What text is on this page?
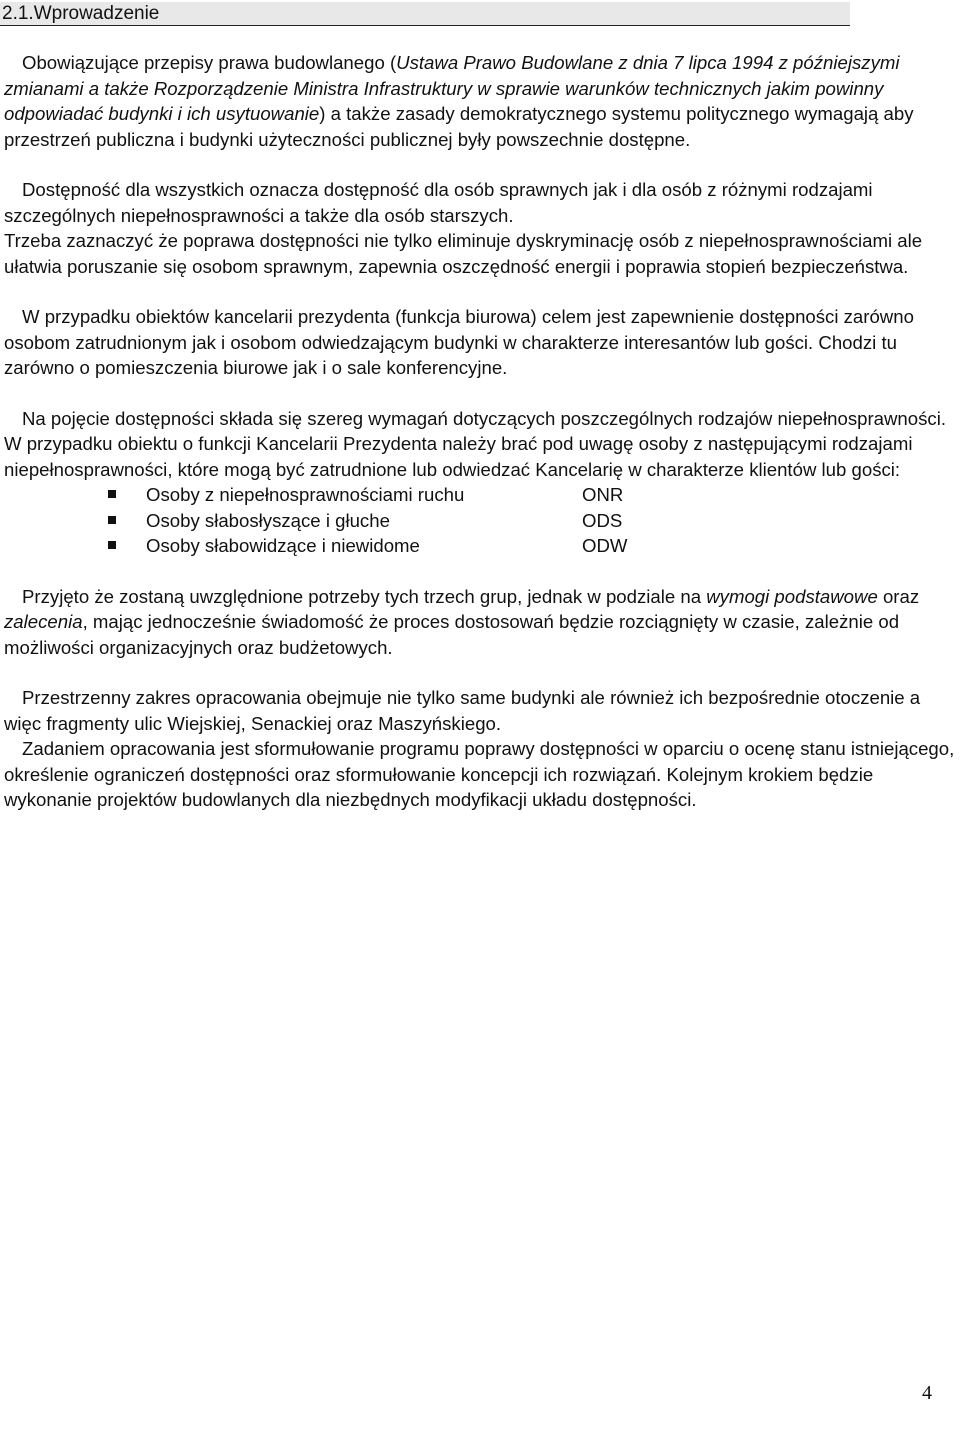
2.1.Wprowadzenie

Obowiązujące przepisy prawa budowlanego (Ustawa Prawo Budowlane z dnia 7 lipca 1994 z późniejszymi zmianami a także Rozporządzenie Ministra Infrastruktury w sprawie warunków technicznych jakim powinny odpowiadać budynki i ich usytuowanie) a także zasady demokratycznego systemu politycznego wymagają aby przestrzeń publiczna i budynki użyteczności publicznej były powszechnie dostępne.

Dostępność dla wszystkich oznacza dostępność dla osób sprawnych jak i dla osób z różnymi rodzajami szczególnych niepełnosprawności a także dla osób starszych.

Trzeba zaznaczyć że poprawa dostępności nie tylko eliminuje dyskryminację osób z niepełnosprawnościami ale ułatwia poruszanie się osobom sprawnym, zapewnia oszczędność energii i poprawia stopień bezpieczeństwa.

W przypadku obiektów kancelarii prezydenta (funkcja biurowa) celem jest zapewnienie dostępności zarówno osobom zatrudnionym jak i osobom odwiedzającym budynki w charakterze interesantów lub gości. Chodzi tu zarówno o pomieszczenia biurowe jak i o sale konferencyjne.

Na pojęcie dostępności składa się szereg wymagań dotyczących poszczególnych rodzajów niepełnosprawności. W przypadku obiektu o funkcji Kancelarii Prezydenta należy brać pod uwagę osoby z następującymi rodzajami niepełnosprawności, które mogą być zatrudnione lub odwiedzać Kancelarię w charakterze klientów lub gości:

Osoby z niepełnosprawnościami ruchu	ONR
Osoby słabosłyszące i głuche	ODS
Osoby słabowidzące i niewidome	ODW

Przyjęto że zostaną uwzględnione potrzeby tych trzech grup, jednak w podziale na wymogi podstawowe oraz zalecenia, mając jednocześnie świadomość że proces dostosowań będzie rozciągnięty w czasie, zależnie od możliwości organizacyjnych oraz budżetowych.

Przestrzenny zakres opracowania obejmuje nie tylko same budynki ale również ich bezpośrednie otoczenie a więc fragmenty ulic Wiejskiej, Senackiej oraz Maszyńskiego.

Zadaniem opracowania jest sformułowanie programu poprawy dostępności w oparciu o ocenę stanu istniejącego, określenie ograniczeń dostępności oraz sformułowanie koncepcji ich rozwiązań. Kolejnym krokiem będzie wykonanie projektów budowlanych dla niezbędnych modyfikacji układu dostępności.

4
